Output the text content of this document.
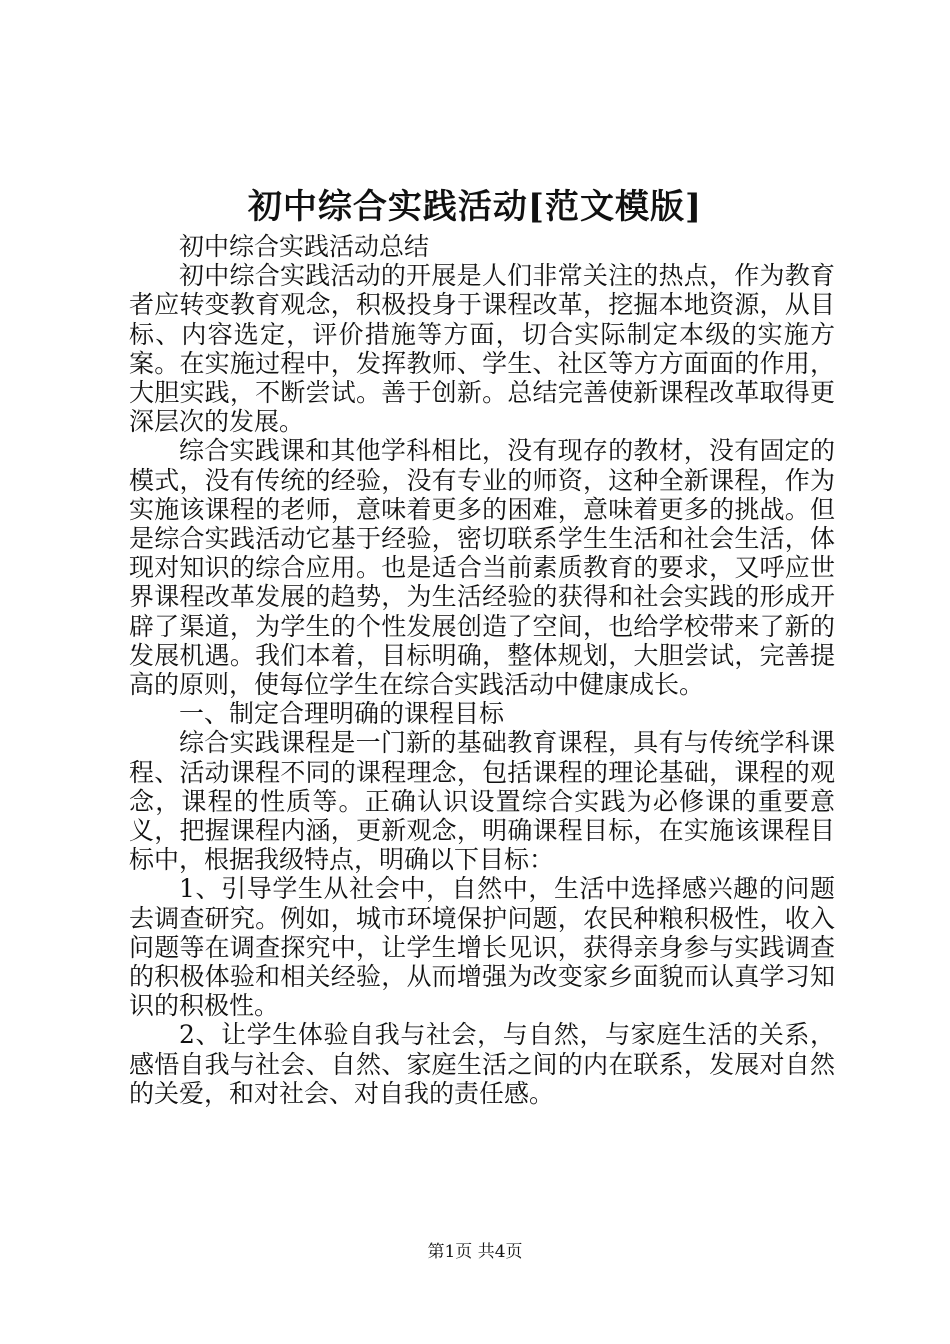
初中综合实践活动[范文模版]

初中综合实践活动总结

初中综合实践活动的开展是人们非常关注的热点，作为教育者应转变教育观念，积极投身于课程改革，挖掘本地资源，从目标、内容选定，评价措施等方面，切合实际制定本级的实施方案。在实施过程中，发挥教师、学生、社区等方方面面的作用，大胆实践，不断尝试。善于创新。总结完善使新课程改革取得更深层次的发展。

综合实践课和其他学科相比，没有现存的教材，没有固定的模式，没有传统的经验，没有专业的师资，这种全新课程，作为实施该课程的老师，意味着更多的困难，意味着更多的挑战。但是综合实践活动它基于经验，密切联系学生生活和社会生活，体现对知识的综合应用。也是适合当前素质教育的要求，又呼应世界课程改革发展的趋势，为生活经验的获得和社会实践的形成开辟了渠道，为学生的个性发展创造了空间，也给学校带来了新的发展机遇。我们本着，目标明确，整体规划，大胆尝试，完善提高的原则，使每位学生在综合实践活动中健康成长。

一、制定合理明确的课程目标

综合实践课程是一门新的基础教育课程，具有与传统学科课程、活动课程不同的课程理念，包括课程的理论基础，课程的观念，课程的性质等。正确认识设置综合实践为必修课的重要意义，把握课程内涵，更新观念，明确课程目标，在实施该课程目标中，根据我级特点，明确以下目标：

1、引导学生从社会中，自然中，生活中选择感兴趣的问题去调查研究。例如，城市环境保护问题，农民种粮积极性，收入问题等在调查探究中，让学生增长见识，获得亲身参与实践调查的积极体验和相关经验，从而增强为改变家乡面貌而认真学习知识的积极性。

2、让学生体验自我与社会，与自然，与家庭生活的关系，感悟自我与社会、自然、家庭生活之间的内在联系，发展对自然的关爱，和对社会、对自我的责任感。

第1页 共4页
